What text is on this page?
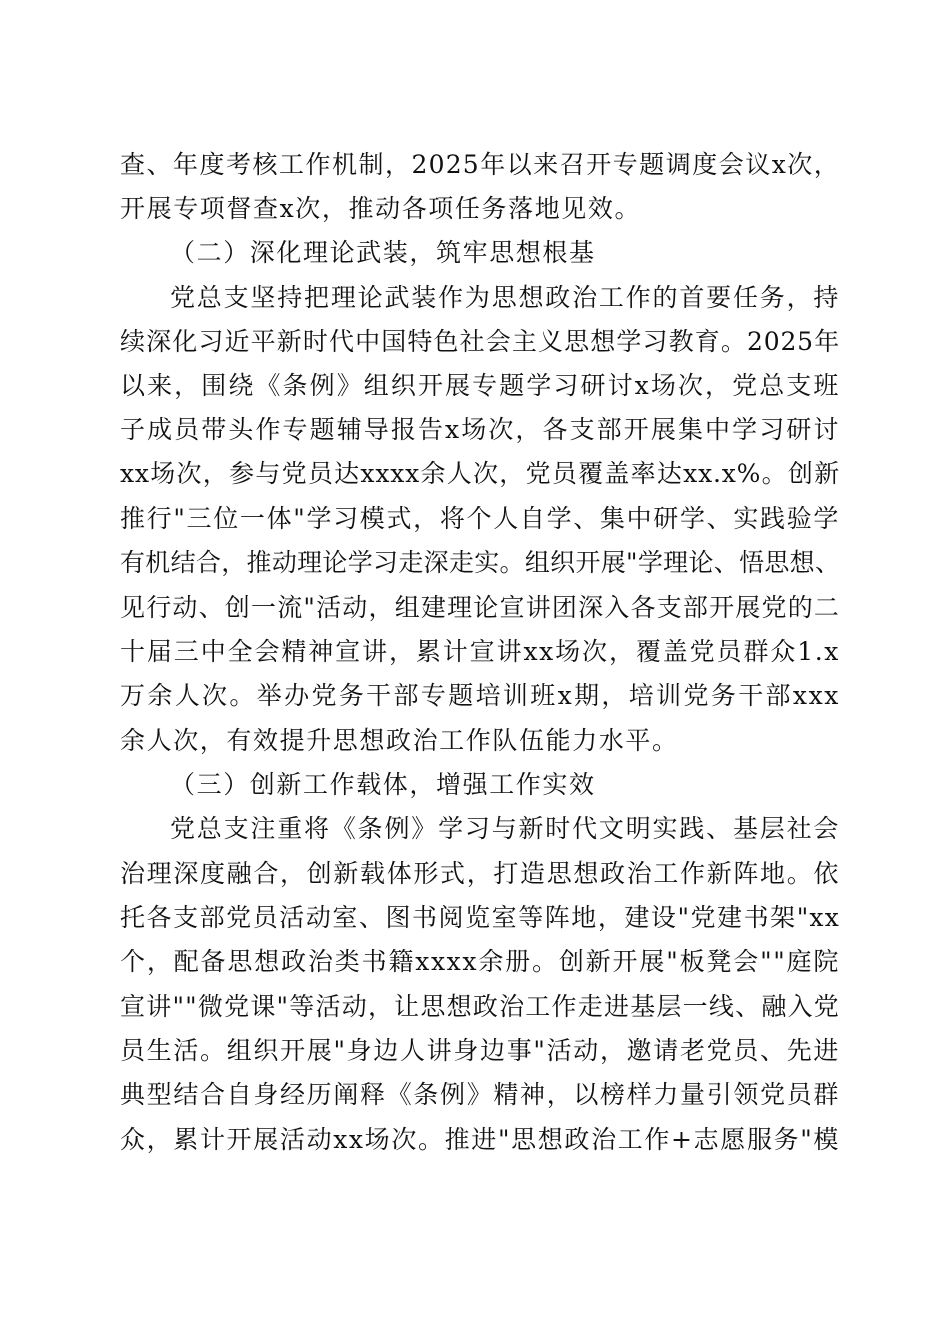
查、年度考核工作机制，2025年以来召开专题调度会议x次，
开展专项督查x次，推动各项任务落地见效。
（二）深化理论武装，筑牢思想根基
党总支坚持把理论武装作为思想政治工作的首要任务，持
续深化习近平新时代中国特色社会主义思想学习教育。2025年
以来，围绕《条例》组织开展专题学习研讨x场次，党总支班
子成员带头作专题辅导报告x场次，各支部开展集中学习研讨
xx场次，参与党员达xxxx余人次，党员覆盖率达xx.x%。创新
推行"三位一体"学习模式，将个人自学、集中研学、实践验学
有机结合，推动理论学习走深走实。组织开展"学理论、悟思想、
见行动、创一流"活动，组建理论宣讲团深入各支部开展党的二
十届三中全会精神宣讲，累计宣讲xx场次，覆盖党员群众1.x
万余人次。举办党务干部专题培训班x期，培训党务干部xxx
余人次，有效提升思想政治工作队伍能力水平。
（三）创新工作载体，增强工作实效
党总支注重将《条例》学习与新时代文明实践、基层社会
治理深度融合，创新载体形式，打造思想政治工作新阵地。依
托各支部党员活动室、图书阅览室等阵地，建设"党建书架"xx
个，配备思想政治类书籍xxxx余册。创新开展"板凳会""庭院
宣讲""微党课"等活动，让思想政治工作走进基层一线、融入党
员生活。组织开展"身边人讲身边事"活动，邀请老党员、先进
典型结合自身经历阐释《条例》精神，以榜样力量引领党员群
众，累计开展活动xx场次。推进"思想政治工作+志愿服务"模
